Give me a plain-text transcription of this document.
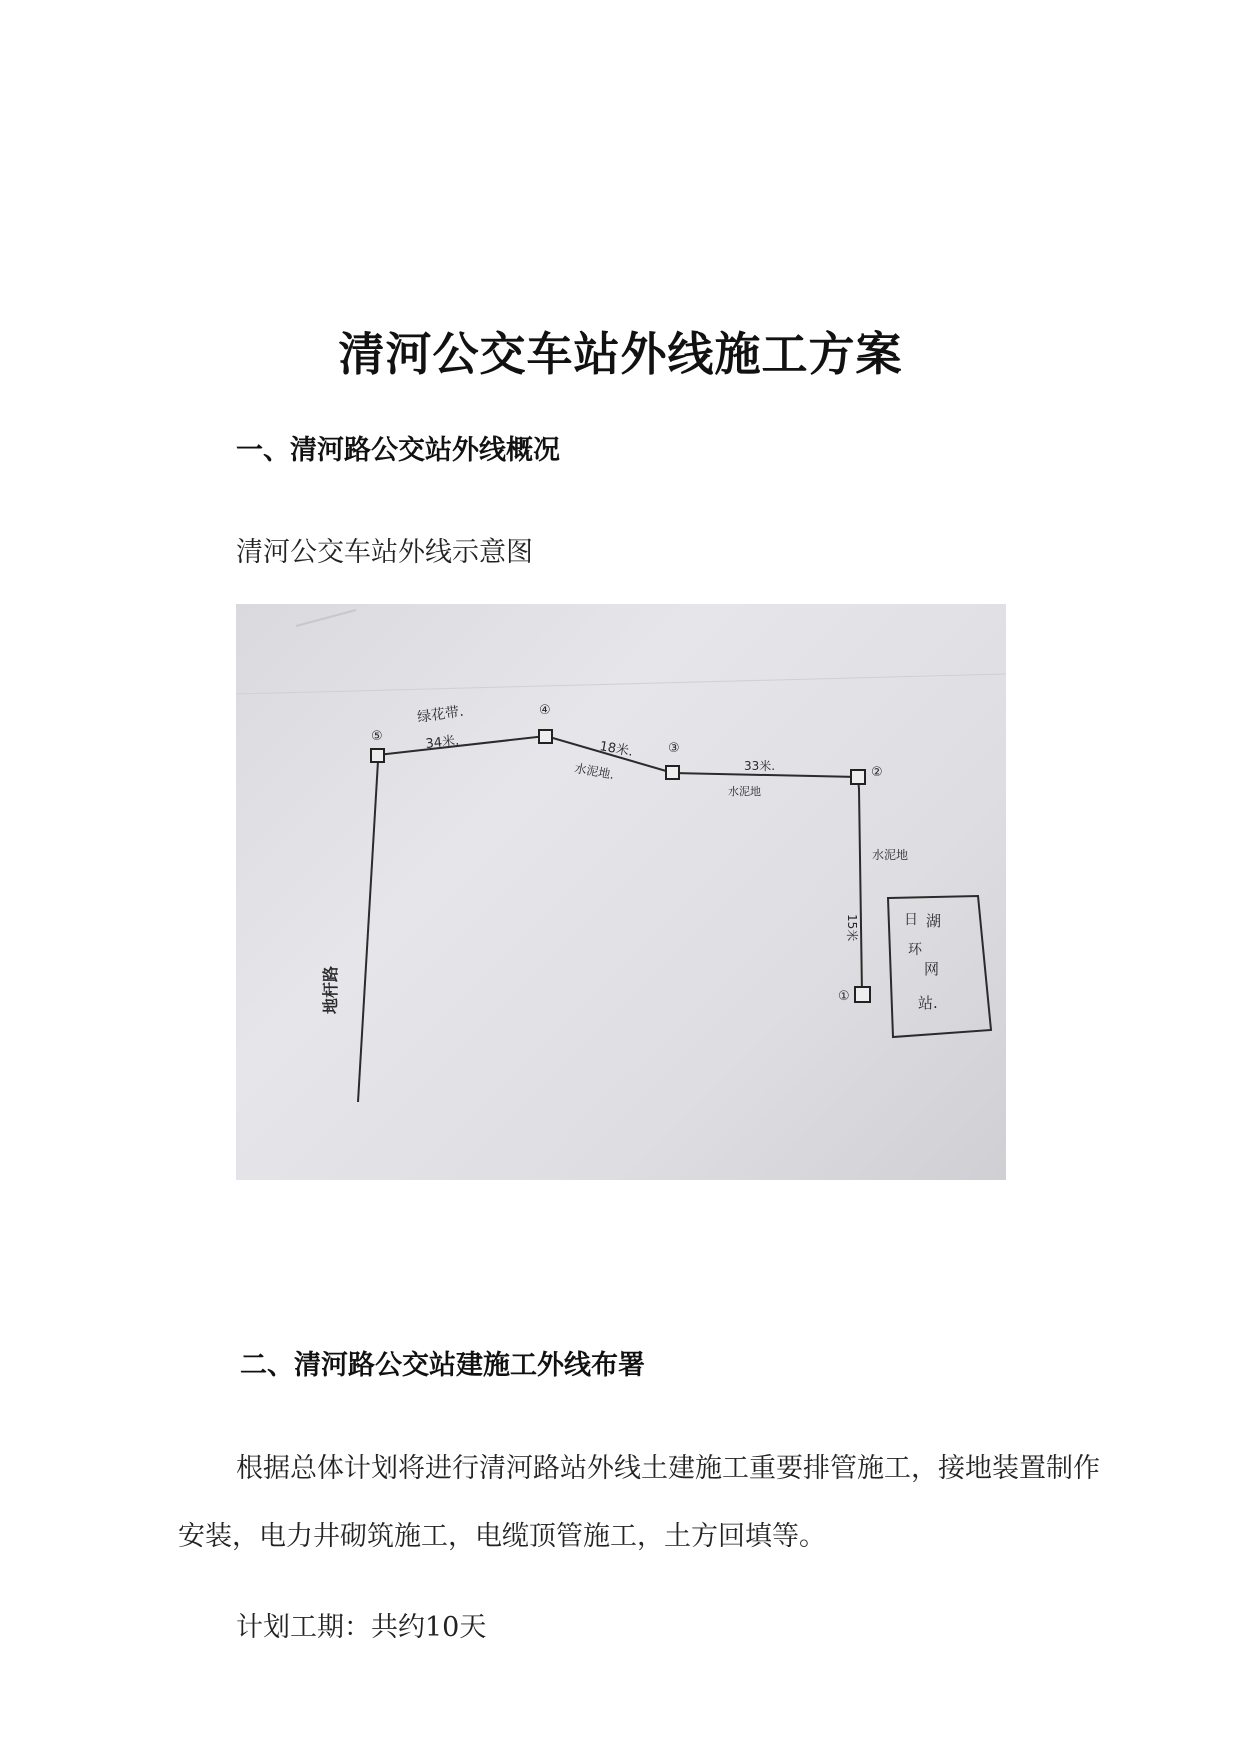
清河公交车站外线施工方案
一、清河路公交站外线概况
清河公交车站外线示意图
⑤
④
③
②
①
绿花带.
34米.	18米.
水泥地.	33米.
水泥地
水泥地
15米
地杆路
日 湖
环
网
站.
二、清河路公交站建施工外线布署
根据总体计划将进行清河路站外线土建施工重要排管施工，接地装置制作安装，电力井砌筑施工，电缆顶管施工，土方回填等。
计划工期：共约10天
